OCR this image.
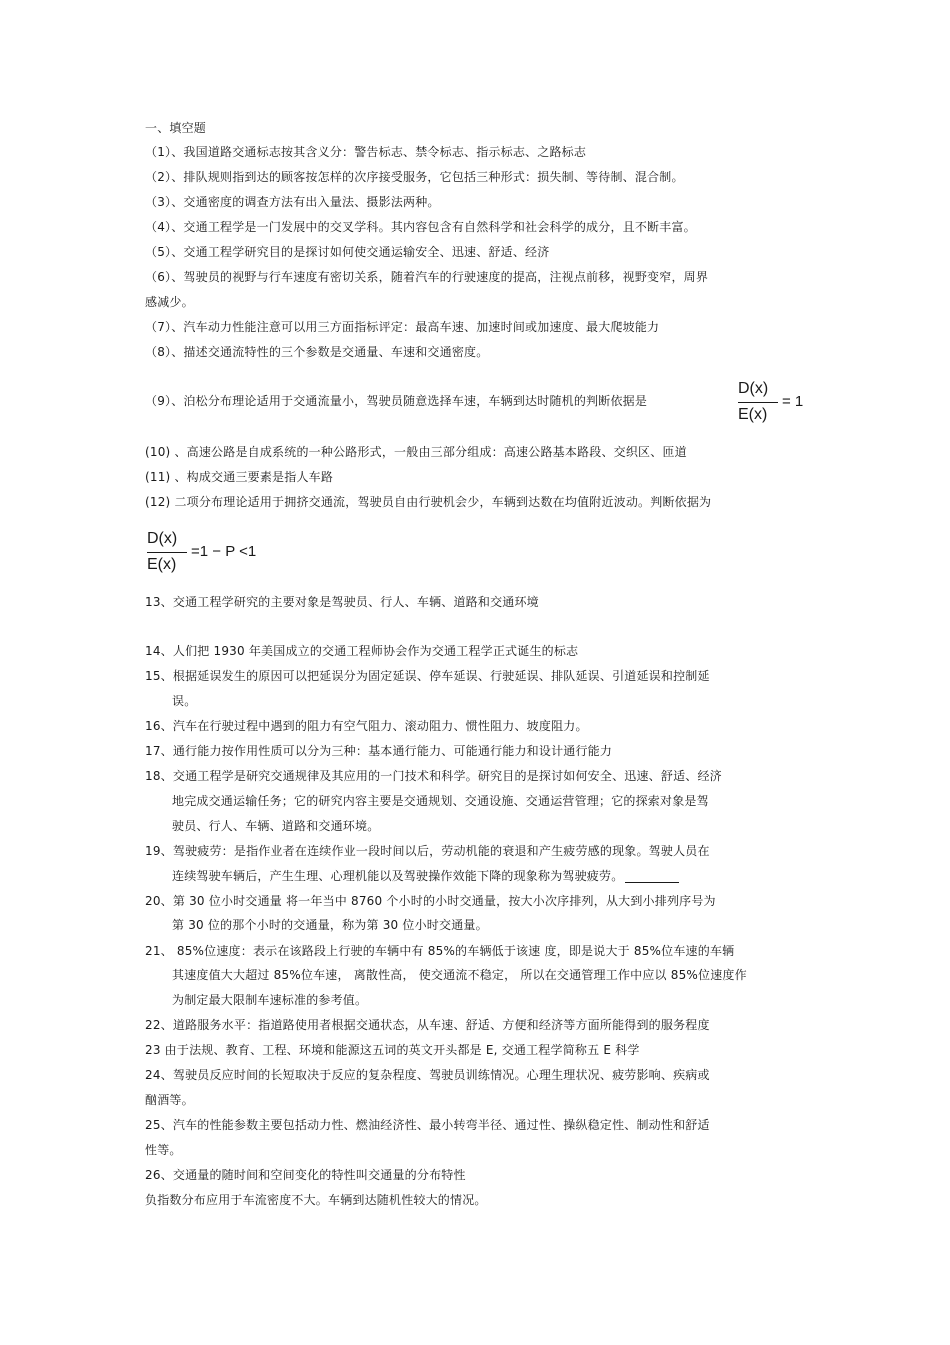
一、填空题
（1）、我国道路交通标志按其含义分：警告标志、禁令标志、指示标志、之路标志
（2）、排队规则指到达的顾客按怎样的次序接受服务，它包括三种形式：损失制、等待制、混合制。
（3）、交通密度的调查方法有出入量法、摄影法两种。
（4）、交通工程学是一门发展中的交叉学科。其内容包含有自然科学和社会科学的成分，且不断丰富。
（5）、交通工程学研究目的是探讨如何使交通运输安全、迅速、舒适、经济
（6）、驾驶员的视野与行车速度有密切关系，随着汽车的行驶速度的提高，注视点前移，视野变窄，周界
感减少。
（7）、汽车动力性能注意可以用三方面指标评定：最高车速、加速时间或加速度、最大爬坡能力
（8）、描述交通流特性的三个参数是交通量、车速和交通密度。
（9）、泊松分布理论适用于交通流量小，驾驶员随意选择车速，车辆到达时随机的判断依据是
D(x)
E(x)
= 1
(10) 、高速公路是自成系统的一种公路形式，一般由三部分组成：高速公路基本路段、交织区、匝道
(11) 、构成交通三要素是指人车路
(12) 二项分布理论适用于拥挤交通流，驾驶员自由行驶机会少，车辆到达数在均值附近波动。判断依据为
D(x)
E(x)
=1 − P <1
13、交通工程学研究的主要对象是驾驶员、行人、车辆、道路和交通环境
14、人们把 1930 年美国成立的交通工程师协会作为交通工程学正式诞生的标志
15、根据延误发生的原因可以把延误分为固定延误、停车延误、行驶延误、排队延误、引道延误和控制延
误。
16、汽车在行驶过程中遇到的阻力有空气阻力、滚动阻力、惯性阻力、坡度阻力。
17、通行能力按作用性质可以分为三种：基本通行能力、可能通行能力和设计通行能力
18、交通工程学是研究交通规律及其应用的一门技术和科学。研究目的是探讨如何安全、迅速、舒适、经济
地完成交通运输任务；它的研究内容主要是交通规划、交通设施、交通运营管理；它的探索对象是驾
驶员、行人、车辆、道路和交通环境。
19、驾驶疲劳：是指作业者在连续作业一段时间以后，劳动机能的衰退和产生疲劳感的现象。驾驶人员在
连续驾驶车辆后，产生生理、心理机能以及驾驶操作效能下降的现象称为驾驶疲劳。
20、第 30 位小时交通量 将一年当中 8760 个小时的小时交通量，按大小次序排列，从大到小排列序号为
第 30 位的那个小时的交通量，称为第 30 位小时交通量。
21、 85%位速度：表示在该路段上行驶的车辆中有 85%的车辆低于该速 度，即是说大于 85%位车速的车辆
其速度值大大超过 85%位车速， 离散性高， 使交通流不稳定， 所以在交通管理工作中应以 85%位速度作
为制定最大限制车速标准的参考值。
22、道路服务水平：指道路使用者根据交通状态，从车速、舒适、方便和经济等方面所能得到的服务程度
23 由于法规、教育、工程、环境和能源这五词的英文开头都是 E, 交通工程学简称五 E 科学
24、驾驶员反应时间的长短取决于反应的复杂程度、驾驶员训练情况。心理生理状况、疲劳影响、疾病或
酗酒等。
25、汽车的性能参数主要包括动力性、燃油经济性、最小转弯半径、通过性、操纵稳定性、制动性和舒适
性等。
26、交通量的随时间和空间变化的特性叫交通量的分布特性
负指数分布应用于车流密度不大。车辆到达随机性较大的情况。
